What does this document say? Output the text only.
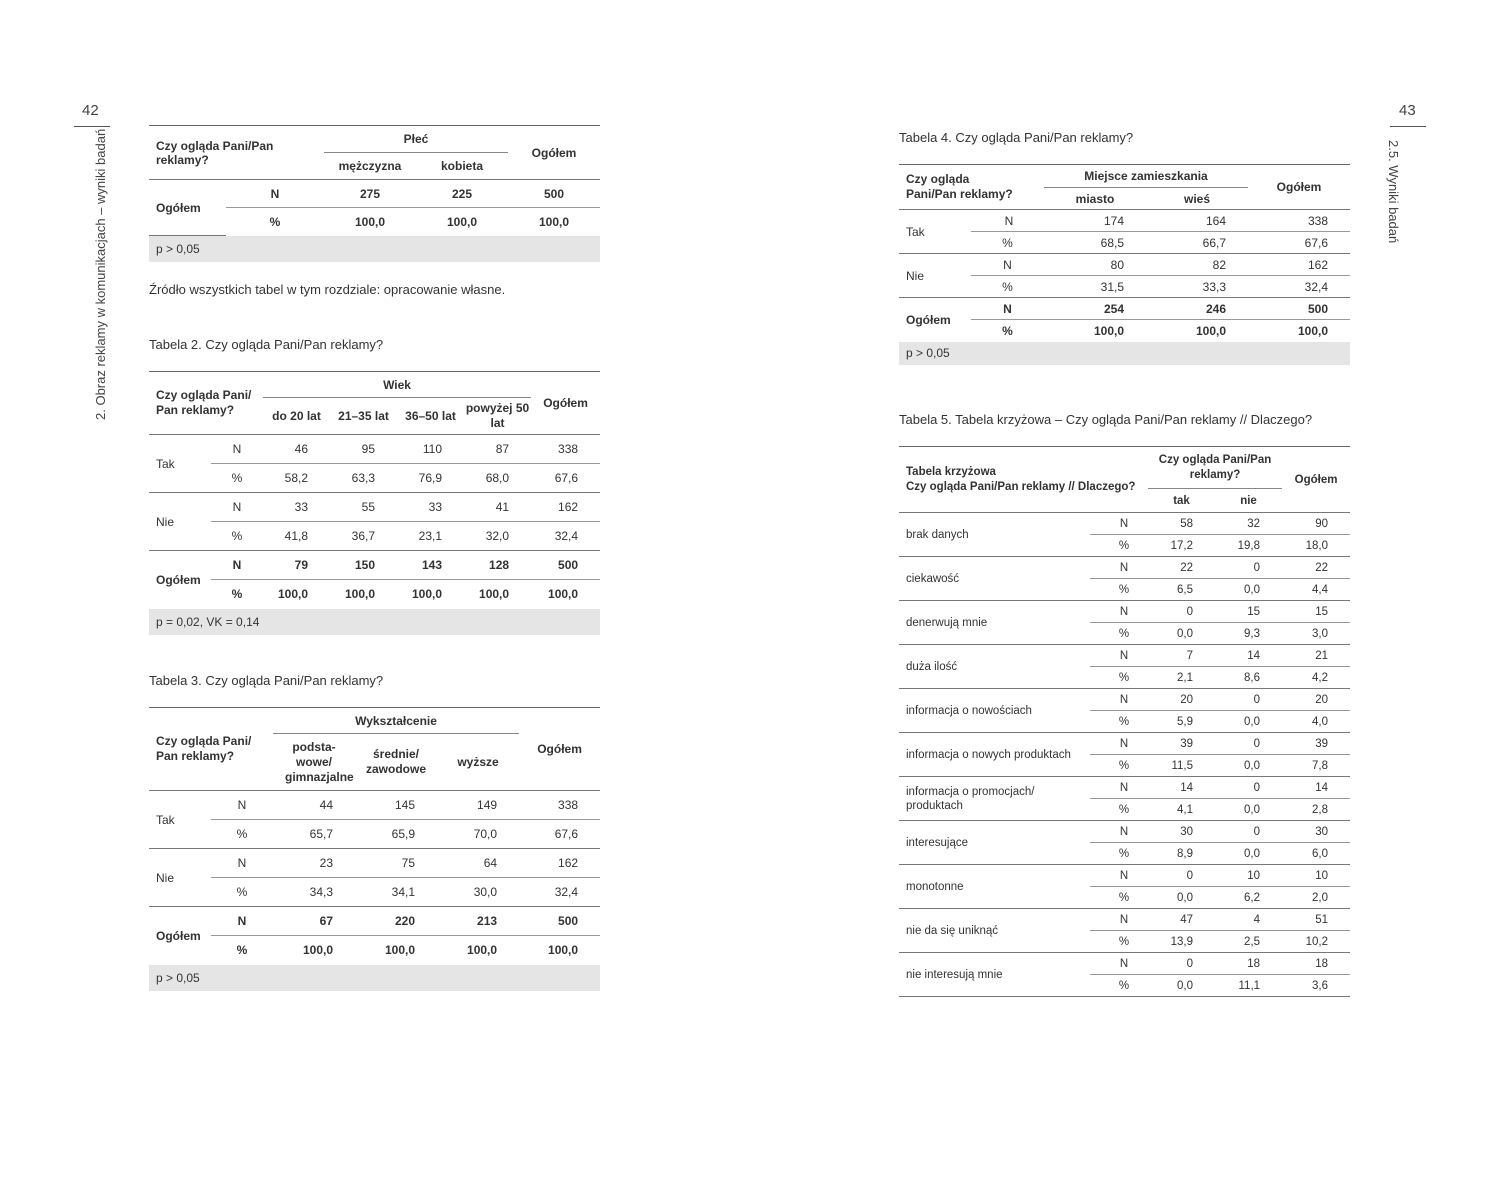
42
2. Obraz reklamy w komunikacjach – wyniki badań
43
2.5. Wyniki badań
Czy ogląda Pani/Pan reklamy?		Płeć		Ogółem
		mężczyzna	kobieta	
Ogółem	N	275	225	500
	%	100,0	100,0	100,0
p > 0,05				
Źródło wszystkich tabel w tym rozdziale: opracowanie własne.
Tabela 2. Czy ogląda Pani/Pan reklamy?
Czy ogląda Pani/ Pan reklamy?		Wiek				Ogółem
		do 20 lat	21–35 lat	36–50 lat	powyżej 50 lat	
Tak	N	46	95	110	87	338
	%	58,2	63,3	76,9	68,0	67,6
Nie	N	33	55	33	41	162
	%	41,8	36,7	23,1	32,0	32,4
Ogółem	N	79	150	143	128	500
	%	100,0	100,0	100,0	100,0	100,0
p = 0,02, VK = 0,14						
Tabela 3. Czy ogląda Pani/Pan reklamy?
Czy ogląda Pani/ Pan reklamy?		Wykształcenie			Ogółem
		podsta- wowe/ gimnazjalne	średnie/ zawodowe	wyższe	
Tak	N	44	145	149	338
	%	65,7	65,9	70,0	67,6
Nie	N	23	75	64	162
	%	34,3	34,1	30,0	32,4
Ogółem	N	67	220	213	500
	%	100,0	100,0	100,0	100,0
p > 0,05					
Tabela 4. Czy ogląda Pani/Pan reklamy?
Czy ogląda Pani/Pan reklamy?		Miejsce zamieszkania		Ogółem
		miasto	wieś	
Tak	N	174	164	338
	%	68,5	66,7	67,6
Nie	N	80	82	162
	%	31,5	33,3	32,4
Ogółem	N	254	246	500
	%	100,0	100,0	100,0
p > 0,05				
Tabela 5. Tabela krzyżowa – Czy ogląda Pani/Pan reklamy // Dlaczego?
Tabela krzyżowa
Czy ogląda Pani/Pan reklamy // Dlaczego?		Czy ogląda Pani/Pan reklamy?		Ogółem
		tak	nie	
brak danych	N	58	32	90
	%	17,2	19,8	18,0
ciekawość	N	22	0	22
	%	6,5	0,0	4,4
denerwują mnie	N	0	15	15
	%	0,0	9,3	3,0
duża ilość	N	7	14	21
	%	2,1	8,6	4,2
informacja o nowościach	N	20	0	20
	%	5,9	0,0	4,0
informacja o nowych produktach	N	39	0	39
	%	11,5	0,0	7,8
informacja o promocjach/ produktach	N	14	0	14
	%	4,1	0,0	2,8
interesujące	N	30	0	30
	%	8,9	0,0	6,0
monotonne	N	0	10	10
	%	0,0	6,2	2,0
nie da się uniknąć	N	47	4	51
	%	13,9	2,5	10,2
nie interesują mnie	N	0	18	18
	%	0,0	11,1	3,6
